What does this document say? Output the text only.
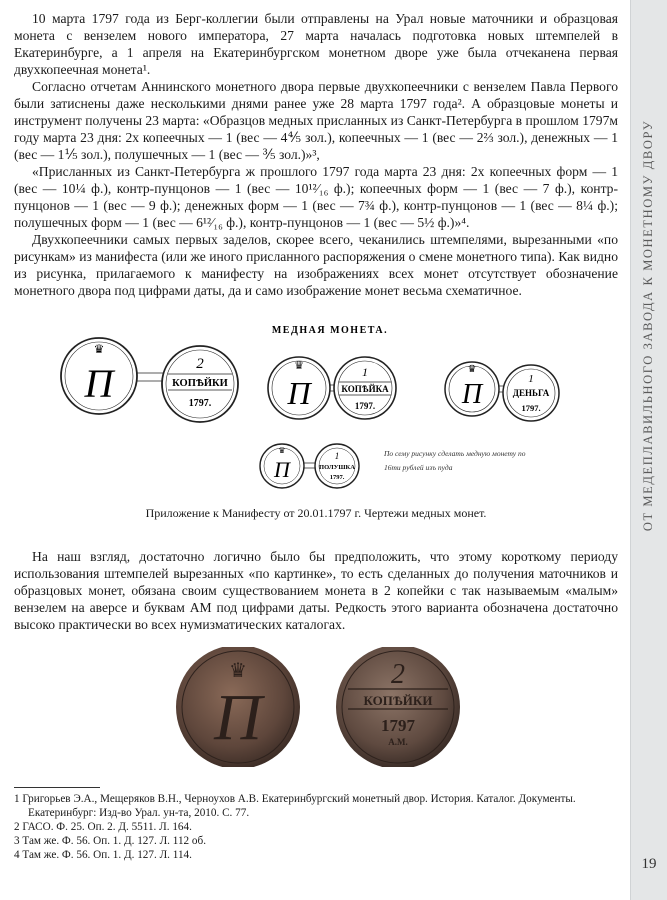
ОТ МЕДЕПЛАВИЛЬНОГО ЗАВОДА К МОНЕТНОМУ ДВОРУ
19

10 марта 1797 года из Берг-коллегии были отправлены на Урал новые маточники и образцовая монета с вензелем нового императора, 27 марта началась подготовка новых штемпелей в Екатеринбурге, а 1 апреля на Екатеринбургском монетном дворе уже была отчеканена первая двухкопеечная монета¹.

Согласно отчетам Аннинского монетного двора первые двухкопеечники с вензелем Павла Первого были затиснены даже несколькими днями ранее уже 28 марта 1797 года². А образцовые монеты и инструмент получены 23 марта: «Образцов медных присланных из Санкт-Петербурга в прошлом 1797м году марта 23 дня: 2х копеечных — 1 (вес — 4⅘ зол.), копеечных — 1 (вес — 2⅔ зол.), денежных — 1 (вес — 1⅕ зол.), полушечных — 1 (вес — ⅗ зол.)»³,

«Присланных из Санкт-Петербурга ж прошлого 1797 года марта 23 дня: 2х копеечных форм — 1 (вес — 10¼ ф.), контр-пунцонов — 1 (вес — 10¹²⁄₁₆ ф.); копеечных форм — 1 (вес — 7 ф.), контр-пунцонов — 1 (вес — 9 ф.); денежных форм — 1 (вес — 7¾ ф.), контр-пунцонов — 1 (вес — 8¼ ф.); полушечных форм — 1 (вес — 6¹²⁄₁₆ ф.), контр-пунцонов — 1 (вес — 5½ ф.)»⁴.

Двухкопеечники самых первых заделов, скорее всего, чеканились штемпелями, вырезанными «по рисункам» из манифеста (или же иного присланного распоряжения о смене монетного типа). Как видно из рисунка, прилагаемого к манифесту на изображениях всех монет отсутствует обозначение монетного двора под цифрами даты, да и само изображение монет весьма схематичное.

МЕДНАЯ МОНЕТА.
♛
П	2
КОПѢЙКИ
1797.
♛
П
1
КОПѢЙКА
1797.
♛
П	1
ДЕНЬГА
1797.
♛
П
1
ПОЛУШКА
1797.
По сему рисунку сделать медную монету по
16ти рублей изъ пуда
Приложение к Манифесту от 20.01.1797 г. Чертежи медных монет.

На наш взгляд, достаточно логично было бы предположить, что этому короткому периоду использования штемпелей вырезанных «по картинке», то есть сделанных до получения маточников и образцовых монет, обязана своим существованием монета в 2 копейки с так называемым «малым» вензелем на аверсе и буквам АМ под цифрами даты. Редкость этого варианта обозначена достаточно высоко практически во всех нумизматических каталогах.

♛
П
2
КОПѢЙКИ
1797
А.М.
1 Григорьев Э.А., Мещеряков В.Н., Черноухов А.В. Екатеринбургский монетный двор. История. Каталог. Документы. Екатеринбург: Изд-во Урал. ун-та, 2010. С. 77.
2 ГАСО. Ф. 25. Оп. 2. Д. 5511. Л. 164.
3 Там же. Ф. 56. Оп. 1. Д. 127. Л. 112 об.
4 Там же. Ф. 56. Оп. 1. Д. 127. Л. 114.
